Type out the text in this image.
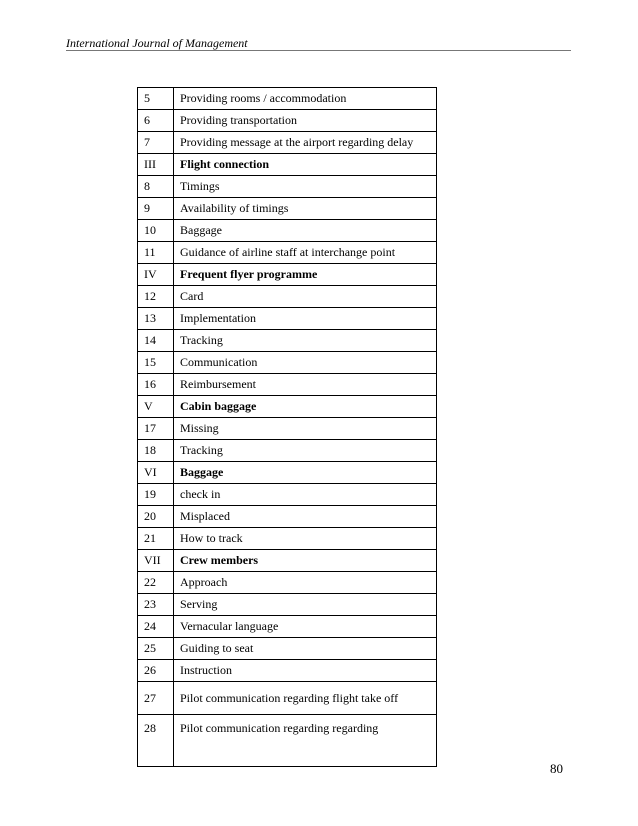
International Journal of Management
5	Providing rooms / accommodation
6	Providing transportation
7	Providing message at the airport regarding delay
III	Flight connection
8	Timings
9	Availability of timings
10	Baggage
11	Guidance of airline staff at interchange point
IV	Frequent flyer programme
12	Card
13	Implementation
14	Tracking
15	Communication
16	Reimbursement
V	Cabin baggage
17	Missing
18	Tracking
VI	Baggage
19	check in
20	Misplaced
21	How to track
VII	Crew members
22	Approach
23	Serving
24	Vernacular language
25	Guiding to seat
26	Instruction
27	Pilot communication regarding flight take off
28	Pilot communication regarding regarding
80
